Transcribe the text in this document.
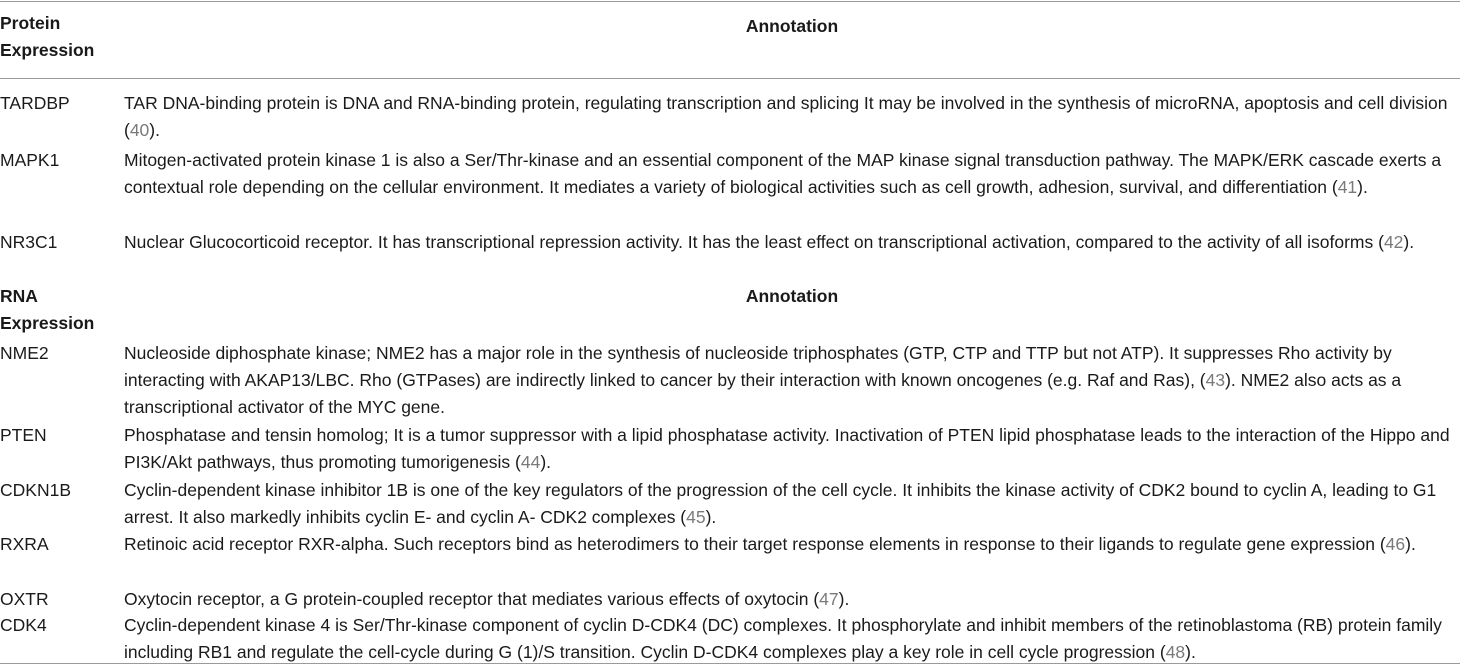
Protein Expression
Annotation
TARDBP	TAR DNA-binding protein is DNA and RNA-binding protein, regulating transcription and splicing It may be involved in the synthesis of microRNA, apoptosis and cell division (40).
MAPK1	Mitogen-activated protein kinase 1 is also a Ser/Thr-kinase and an essential component of the MAP kinase signal transduction pathway. The MAPK/ERK cascade exerts a contextual role depending on the cellular environment. It mediates a variety of biological activities such as cell growth, adhesion, survival, and differentiation (41).
NR3C1	Nuclear Glucocorticoid receptor. It has transcriptional repression activity. It has the least effect on transcriptional activation, compared to the activity of all isoforms (42).
RNA Expression
Annotation
NME2	Nucleoside diphosphate kinase; NME2 has a major role in the synthesis of nucleoside triphosphates (GTP, CTP and TTP but not ATP). It suppresses Rho activity by interacting with AKAP13/LBC. Rho (GTPases) are indirectly linked to cancer by their interaction with known oncogenes (e.g. Raf and Ras), (43). NME2 also acts as a transcriptional activator of the MYC gene.
PTEN	Phosphatase and tensin homolog; It is a tumor suppressor with a lipid phosphatase activity. Inactivation of PTEN lipid phosphatase leads to the interaction of the Hippo and PI3K/Akt pathways, thus promoting tumorigenesis (44).
CDKN1B	Cyclin-dependent kinase inhibitor 1B is one of the key regulators of the progression of the cell cycle. It inhibits the kinase activity of CDK2 bound to cyclin A, leading to G1 arrest. It also markedly inhibits cyclin E- and cyclin A- CDK2 complexes (45).
RXRA	Retinoic acid receptor RXR-alpha. Such receptors bind as heterodimers to their target response elements in response to their ligands to regulate gene expression (46).
OXTR	Oxytocin receptor, a G protein-coupled receptor that mediates various effects of oxytocin (47).
CDK4	Cyclin-dependent kinase 4 is Ser/Thr-kinase component of cyclin D-CDK4 (DC) complexes. It phosphorylate and inhibit members of the retinoblastoma (RB) protein family including RB1 and regulate the cell-cycle during G (1)/S transition. Cyclin D-CDK4 complexes play a key role in cell cycle progression (48).
